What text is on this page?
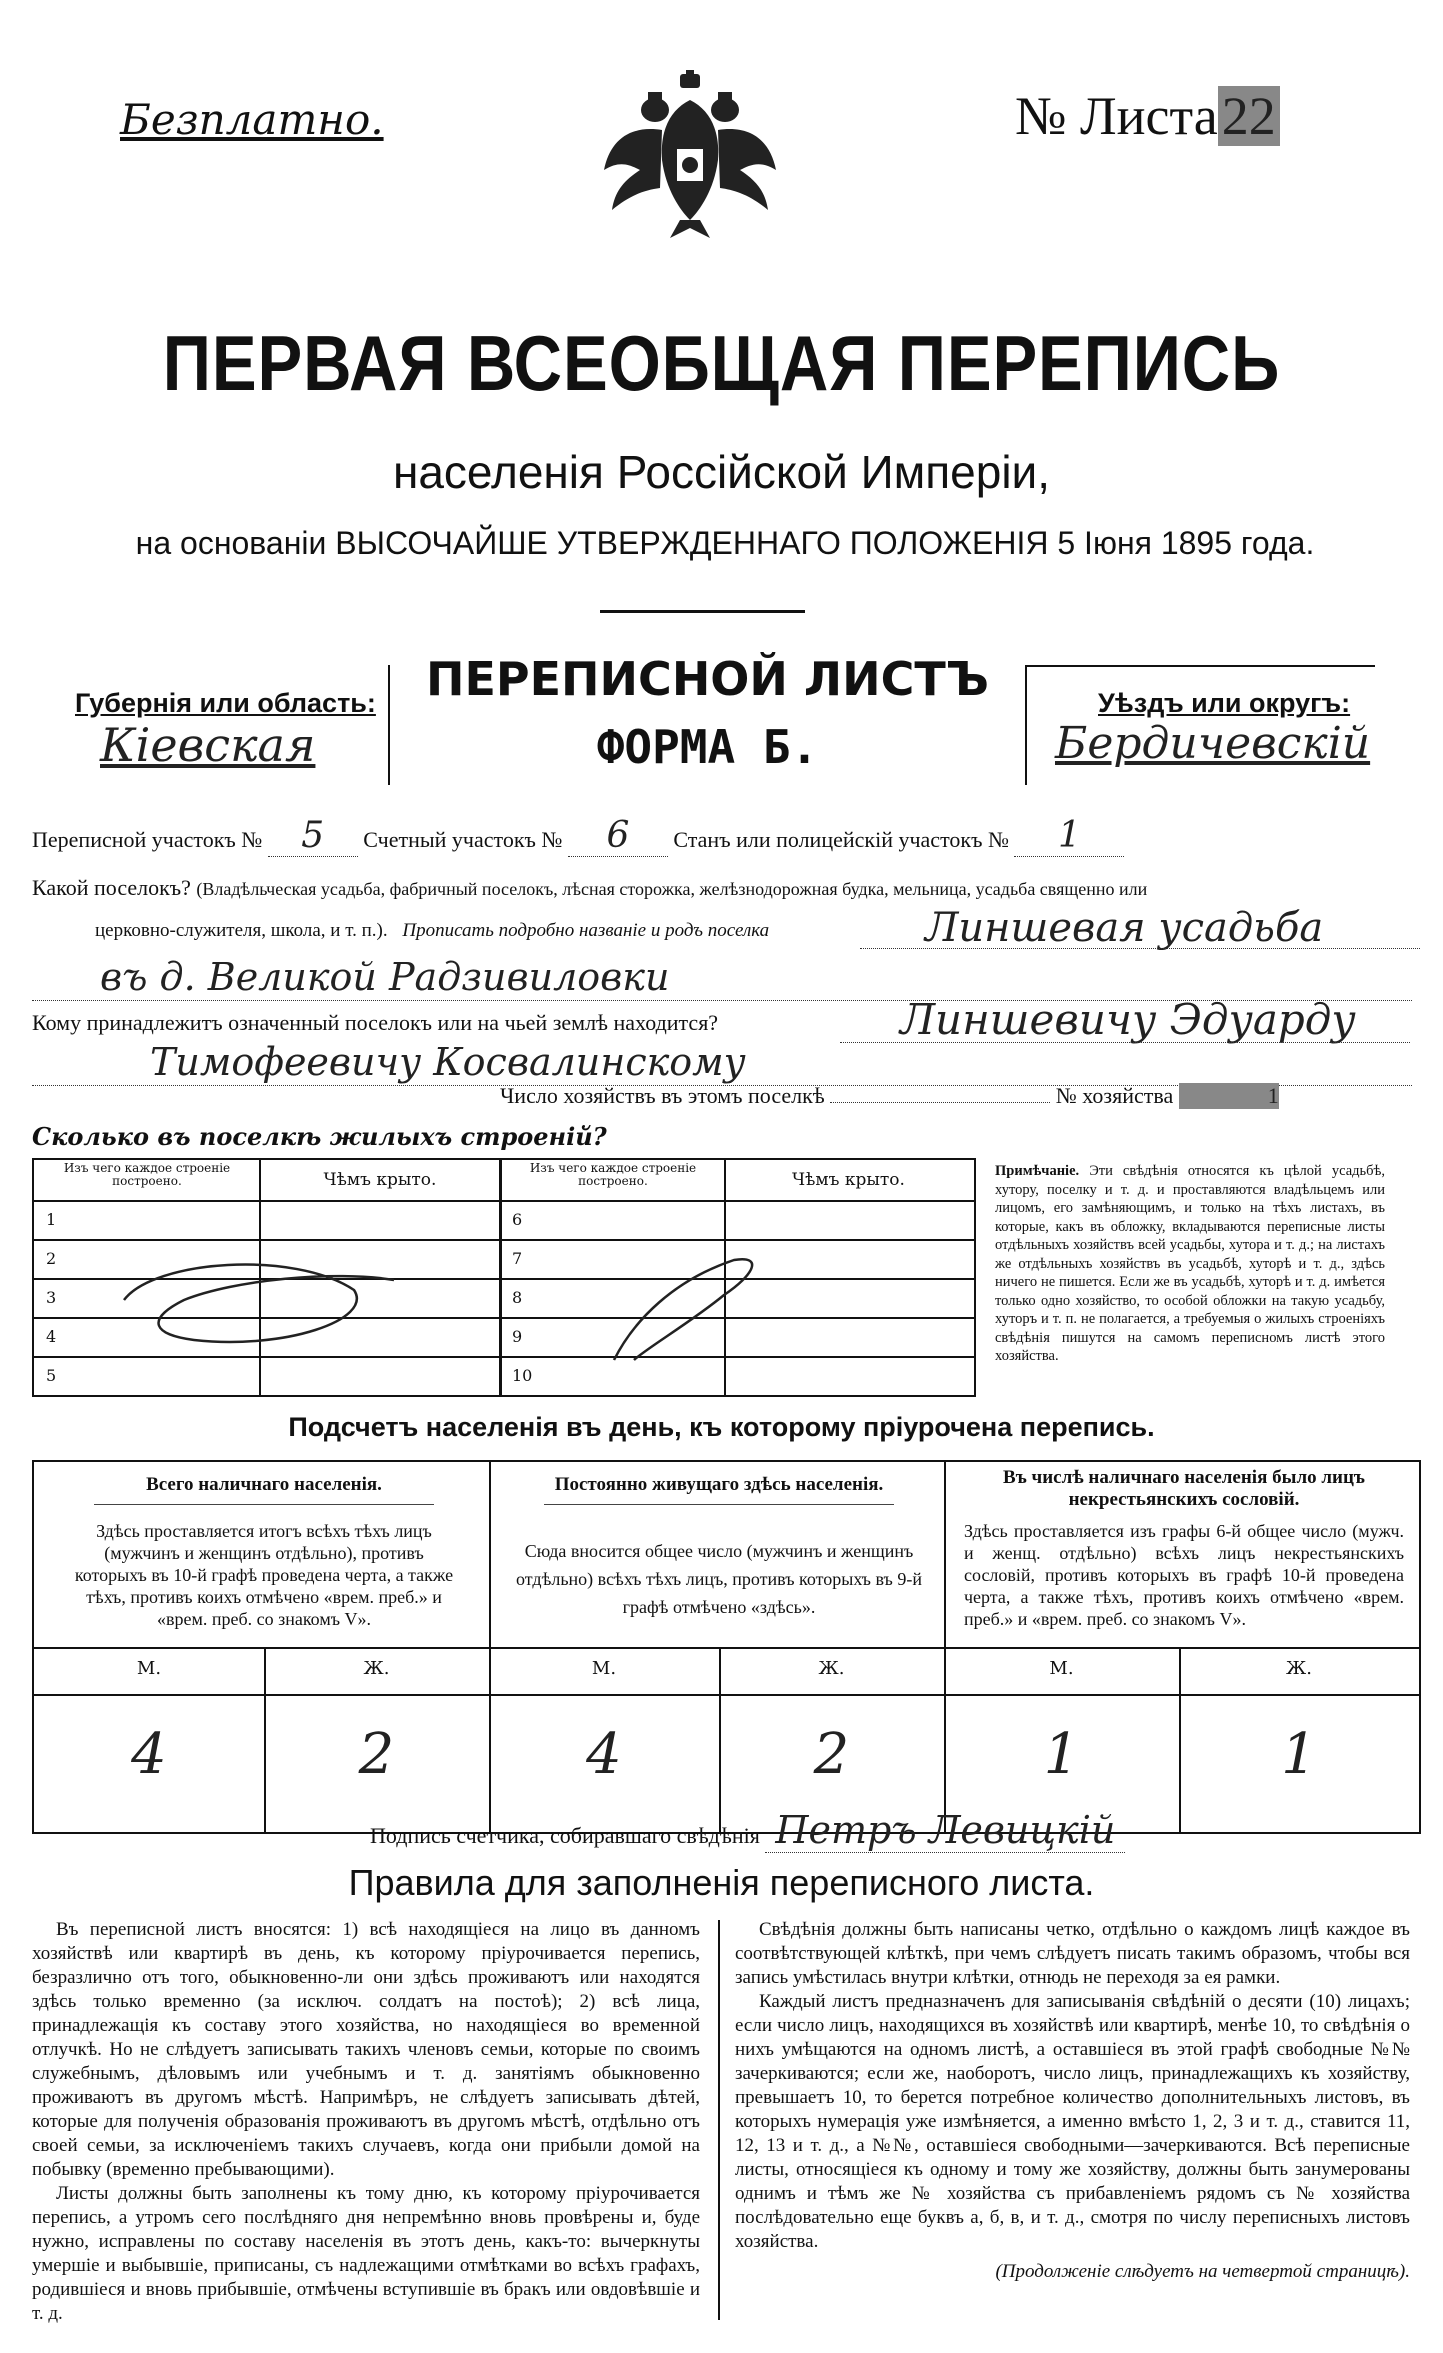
Безплатно.	№ Листа22
ПЕРВАЯ ВСЕОБЩАЯ ПЕРЕПИСЬ
населенія Россійской Имперіи,
на основаніи ВЫСОЧАЙШЕ УТВЕРЖДЕННАГО ПОЛОЖЕНІЯ 5 Іюня 1895 года.
Губернія или область:
Кіевская
ПЕРЕПИСНОЙ ЛИСТЪ
ФОРМА Б.
Уѣздъ или округъ:
Бердичевскій
Переписной участокъ № 5 Счетный участокъ № 6 Станъ или полицейскій участокъ № 1
Какой поселокъ? (Владѣльческая усадьба, фабричный поселокъ, лѣсная сторожка, желѣзнодорожная будка, мельница, усадьба священно или
церковно-служителя, школа, и т. п.). Прописать подробно названіе и родъ поселка	Линшевая усадьба
въ д. Великой Радзивиловки
Кому принадлежитъ означенный поселокъ или на чьей землѣ находится?	Линшевичу Эдуарду
Тимофеевичу Косвалинскому
Число хозяйствъ въ этомъ поселкѣ	№ хозяйства	1
Сколько въ поселкѣ жилыхъ строеній?
Изъ чего каждое строеніе построено.	Чѣмъ крыто.
Изъ чего каждое строеніе построено.	Чѣмъ крыто.
1
2
3
4
5
6
7
8
9
10
Примѣчаніе. Эти свѣдѣнія относятся къ цѣлой усадьбѣ, хутору, поселку и т. д. и проставляются владѣльцемъ или лицомъ, его замѣняющимъ, и только на тѣхъ листахъ, въ которые, какъ въ обложку, вкладываются переписные листы отдѣльныхъ хозяйствъ всей усадьбы, хутора и т. д.; на листахъ же отдѣльныхъ хозяйствъ въ усадьбѣ, хуторѣ и т. д., здѣсь ничего не пишется. Если же въ усадьбѣ, хуторѣ и т. д. имѣется только одно хозяйство, то особой обложки на такую усадьбу, хуторъ и т. п. не полагается, а требуемыя о жилыхъ строеніяхъ свѣдѣнія пишутся на самомъ переписномъ листѣ этого хозяйства.
Подсчетъ населенія въ день, къ которому пріурочена перепись.
Всего наличнаго населенія.
Здѣсь проставляется итогъ всѣхъ тѣхъ лицъ (мужчинъ и женщинъ отдѣльно), противъ которыхъ въ 10-й графѣ проведена черта, а также тѣхъ, противъ коихъ отмѣчено «врем. преб.» и «врем. преб. со знакомъ V».
Постоянно живущаго здѣсь населенія.
Сюда вносится общее число (мужчинъ и женщинъ отдѣльно) всѣхъ тѣхъ лицъ, противъ которыхъ въ 9-й графѣ отмѣчено «здѣсь».
Въ числѣ наличнаго населенія было лицъ некрестьянскихъ сословій.
Здѣсь проставляется изъ графы 6-й общее число (мужч. и женщ. отдѣльно) всѣхъ лицъ некрестьянскихъ сословій, противъ которыхъ въ графѣ 10-й проведена черта, а также тѣхъ, противъ коихъ отмѣчено «врем. преб.» и «врем. преб. со знакомъ V».
М.	Ж.	М.	Ж.	М.	Ж.
4	2	4	2	1	1
Подпись счетчика, собиравшаго свѣдѣнія Петръ Левицкій
Правила для заполненія переписного листа.

Въ переписной листъ вносятся: 1) всѣ находящіеся на лицо въ данномъ хозяйствѣ или квартирѣ въ день, къ которому пріурочивается перепись, безразлично отъ того, обыкновенно-ли они здѣсь проживаютъ или находятся здѣсь только временно (за исключ. солдатъ на постоѣ); 2) всѣ лица, принадлежащія къ составу этого хозяйства, но находящіеся во временной отлучкѣ. Но не слѣдуетъ записывать такихъ членовъ семьи, которые по своимъ служебнымъ, дѣловымъ или учебнымъ и т. д. занятіямъ обыкновенно проживаютъ въ другомъ мѣстѣ. Напримѣръ, не слѣдуетъ записывать дѣтей, которые для полученія образованія проживаютъ въ другомъ мѣстѣ, отдѣльно отъ своей семьи, за исключеніемъ такихъ случаевъ, когда они прибыли домой на побывку (временно пребывающими).

Листы должны быть заполнены къ тому дню, къ которому пріурочивается перепись, а утромъ сего послѣдняго дня непремѣнно вновь провѣрены и, буде нужно, исправлены по составу населенія въ этотъ день, какъ-то: вычеркнуты умершіе и выбывшіе, приписаны, съ надлежащими отмѣтками во всѣхъ графахъ, родившіеся и вновь прибывшіе, отмѣчены вступившіе въ бракъ или овдовѣвшіе и т. д.

Свѣдѣнія должны быть написаны четко, отдѣльно о каждомъ лицѣ каждое въ соотвѣтствующей клѣткѣ, при чемъ слѣдуетъ писать такимъ образомъ, чтобы вся запись умѣстилась внутри клѣтки, отнюдь не переходя за ея рамки.

Каждый листъ предназначенъ для записыванія свѣдѣній о десяти (10) лицахъ; если число лицъ, находящихся въ хозяйствѣ или квартирѣ, менѣе 10, то свѣдѣнія о нихъ умѣщаются на одномъ листѣ, а оставшіеся въ этой графѣ свободные №№ зачеркиваются; если же, наоборотъ, число лицъ, принадлежащихъ къ хозяйству, превышаетъ 10, то берется потребное количество дополнительныхъ листовъ, въ которыхъ нумерація уже измѣняется, а именно вмѣсто 1, 2, 3 и т. д., ставится 11, 12, 13 и т. д., а №№, оставшіеся свободными—зачеркиваются. Всѣ переписные листы, относящіеся къ одному и тому же хозяйству, должны быть занумерованы однимъ и тѣмъ же № хозяйства съ прибавленіемъ рядомъ съ № хозяйства послѣдовательно еще буквъ а, б, в, и т. д., смотря по числу переписныхъ листовъ хозяйства.

(Продолженіе слѣдуетъ на четвертой страницѣ).
